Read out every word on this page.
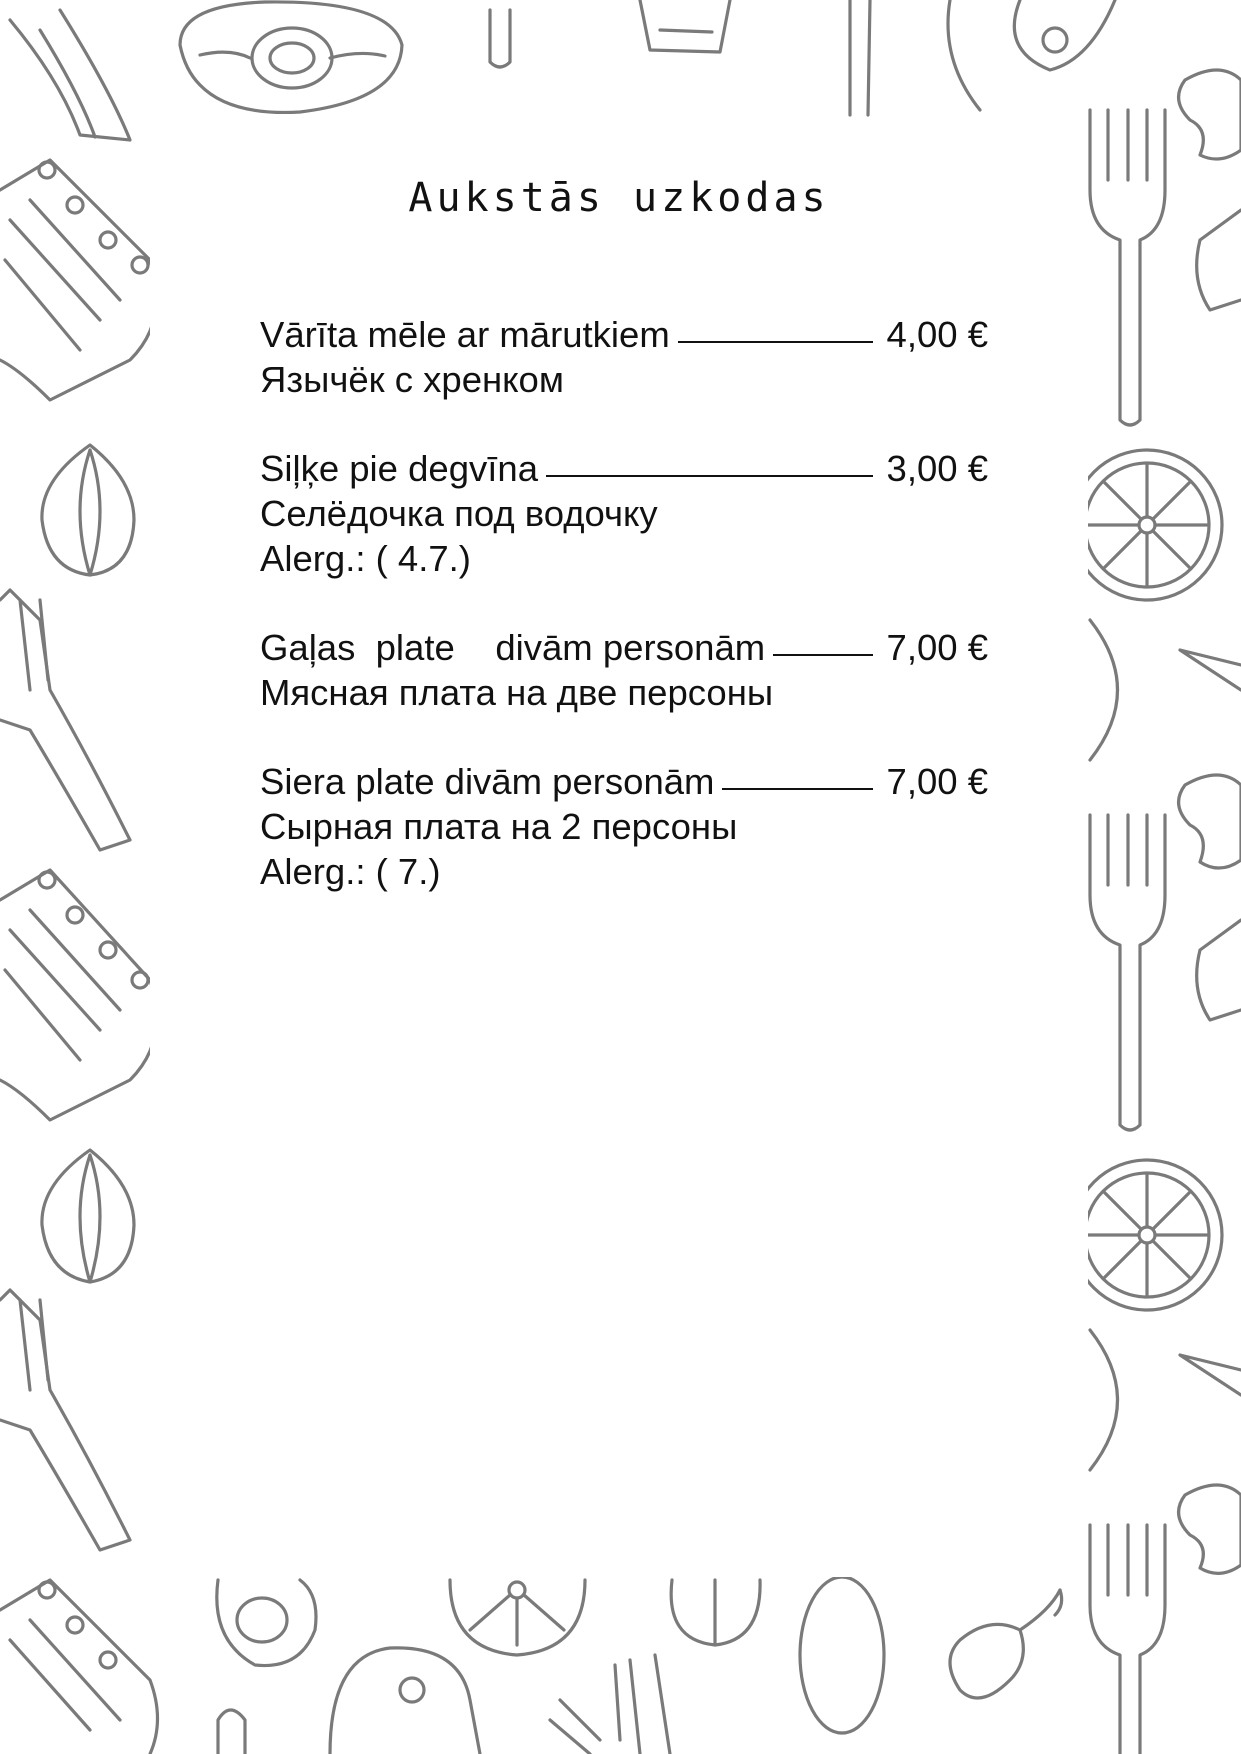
Aukstās uzkodas
Vārīta mēle ar mārutkiem	4,00 €
Язычёк с хренком
Siļķe pie degvīna	3,00 €
Селёдочка под водочку
Alerg.: ( 4.7.)
Gaļas  plate    divām personām	7,00 €
Мясная плата на две персоны
Siera plate divām personām	7,00 €
Сырная плата на 2 персоны
Alerg.: ( 7.)
